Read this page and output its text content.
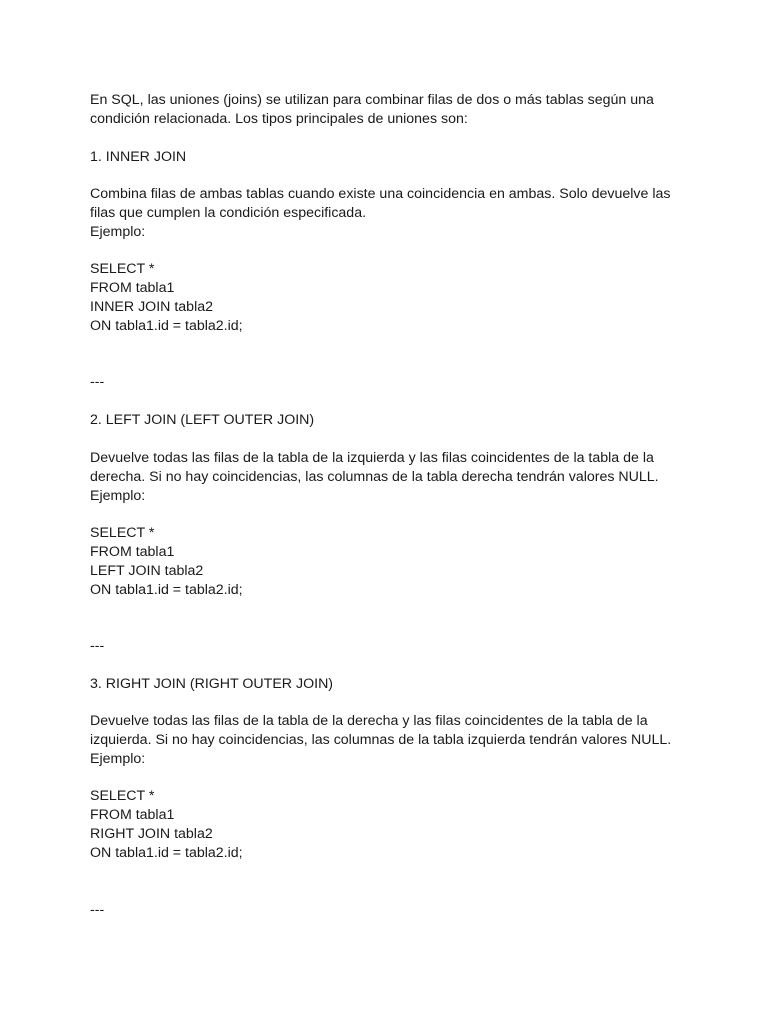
En SQL, las uniones (joins) se utilizan para combinar filas de dos o más tablas según una

condición relacionada. Los tipos principales de uniones son:

1. INNER JOIN

Combina filas de ambas tablas cuando existe una coincidencia en ambas. Solo devuelve las

filas que cumplen la condición especificada.

Ejemplo:

SELECT *

FROM tabla1

INNER JOIN tabla2

ON tabla1.id = tabla2.id;

---

2. LEFT JOIN (LEFT OUTER JOIN)

Devuelve todas las filas de la tabla de la izquierda y las filas coincidentes de la tabla de la

derecha. Si no hay coincidencias, las columnas de la tabla derecha tendrán valores NULL.

Ejemplo:

SELECT *

FROM tabla1

LEFT JOIN tabla2

ON tabla1.id = tabla2.id;

---

3. RIGHT JOIN (RIGHT OUTER JOIN)

Devuelve todas las filas de la tabla de la derecha y las filas coincidentes de la tabla de la

izquierda. Si no hay coincidencias, las columnas de la tabla izquierda tendrán valores NULL.

Ejemplo:

SELECT *

FROM tabla1

RIGHT JOIN tabla2

ON tabla1.id = tabla2.id;

---
